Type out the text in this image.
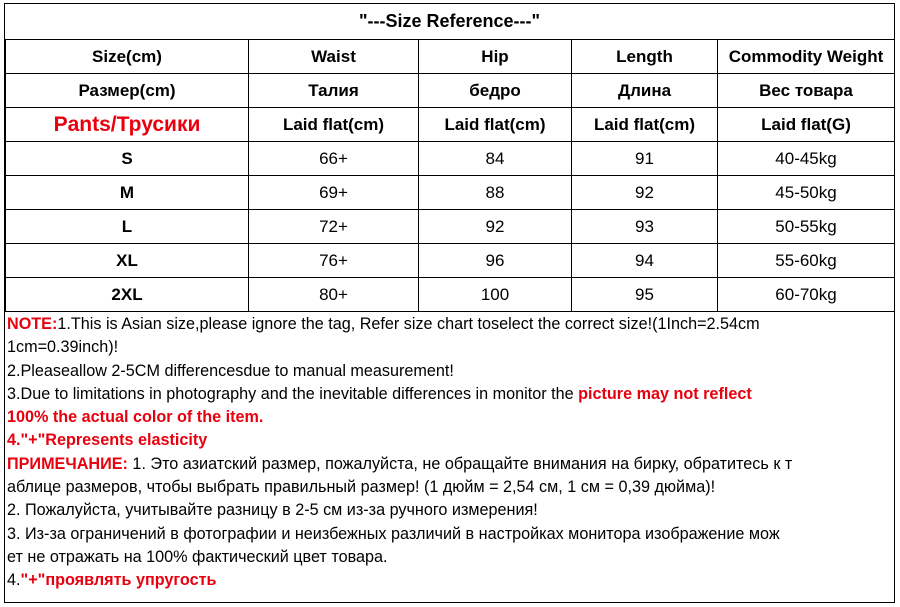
"---Size Reference---"
Size(cm)	Waist	Hip	Length	Commodity Weight
Размер(cm)	Талия	бедро	Длина	Вес товара
Pants/Трусики	Laid flat(cm)	Laid flat(cm)	Laid flat(cm)	Laid flat(G)
S	66+	84	91	40-45kg
M	69+	88	92	45-50kg
L	72+	92	93	50-55kg
XL	76+	96	94	55-60kg
2XL	80+	100	95	60-70kg
NOTE:1.This is Asian size,please ignore the tag, Refer size chart toselect the correct size!(1Inch=2.54cm
1cm=0.39inch)!
2.Pleaseallow 2-5CM differencesdue to manual measurement!
3.Due to limitations in photography and the inevitable differences in monitor the picture may not reflect
100% the actual color of the item.
4."+"Represents elasticity
ПРИМЕЧАНИЕ: 1. Это азиатский размер, пожалуйста, не обращайте внимания на бирку, обратитесь к т
аблице размеров, чтобы выбрать правильный размер! (1 дюйм = 2,54 см, 1 см = 0,39 дюйма)!
2. Пожалуйста, учитывайте разницу в 2-5 см из-за ручного измерения!
3. Из-за ограничений в фотографии и неизбежных различий в настройках монитора изображение мож
ет не отражать на 100% фактический цвет товара.
4."+"проявлять упругость
